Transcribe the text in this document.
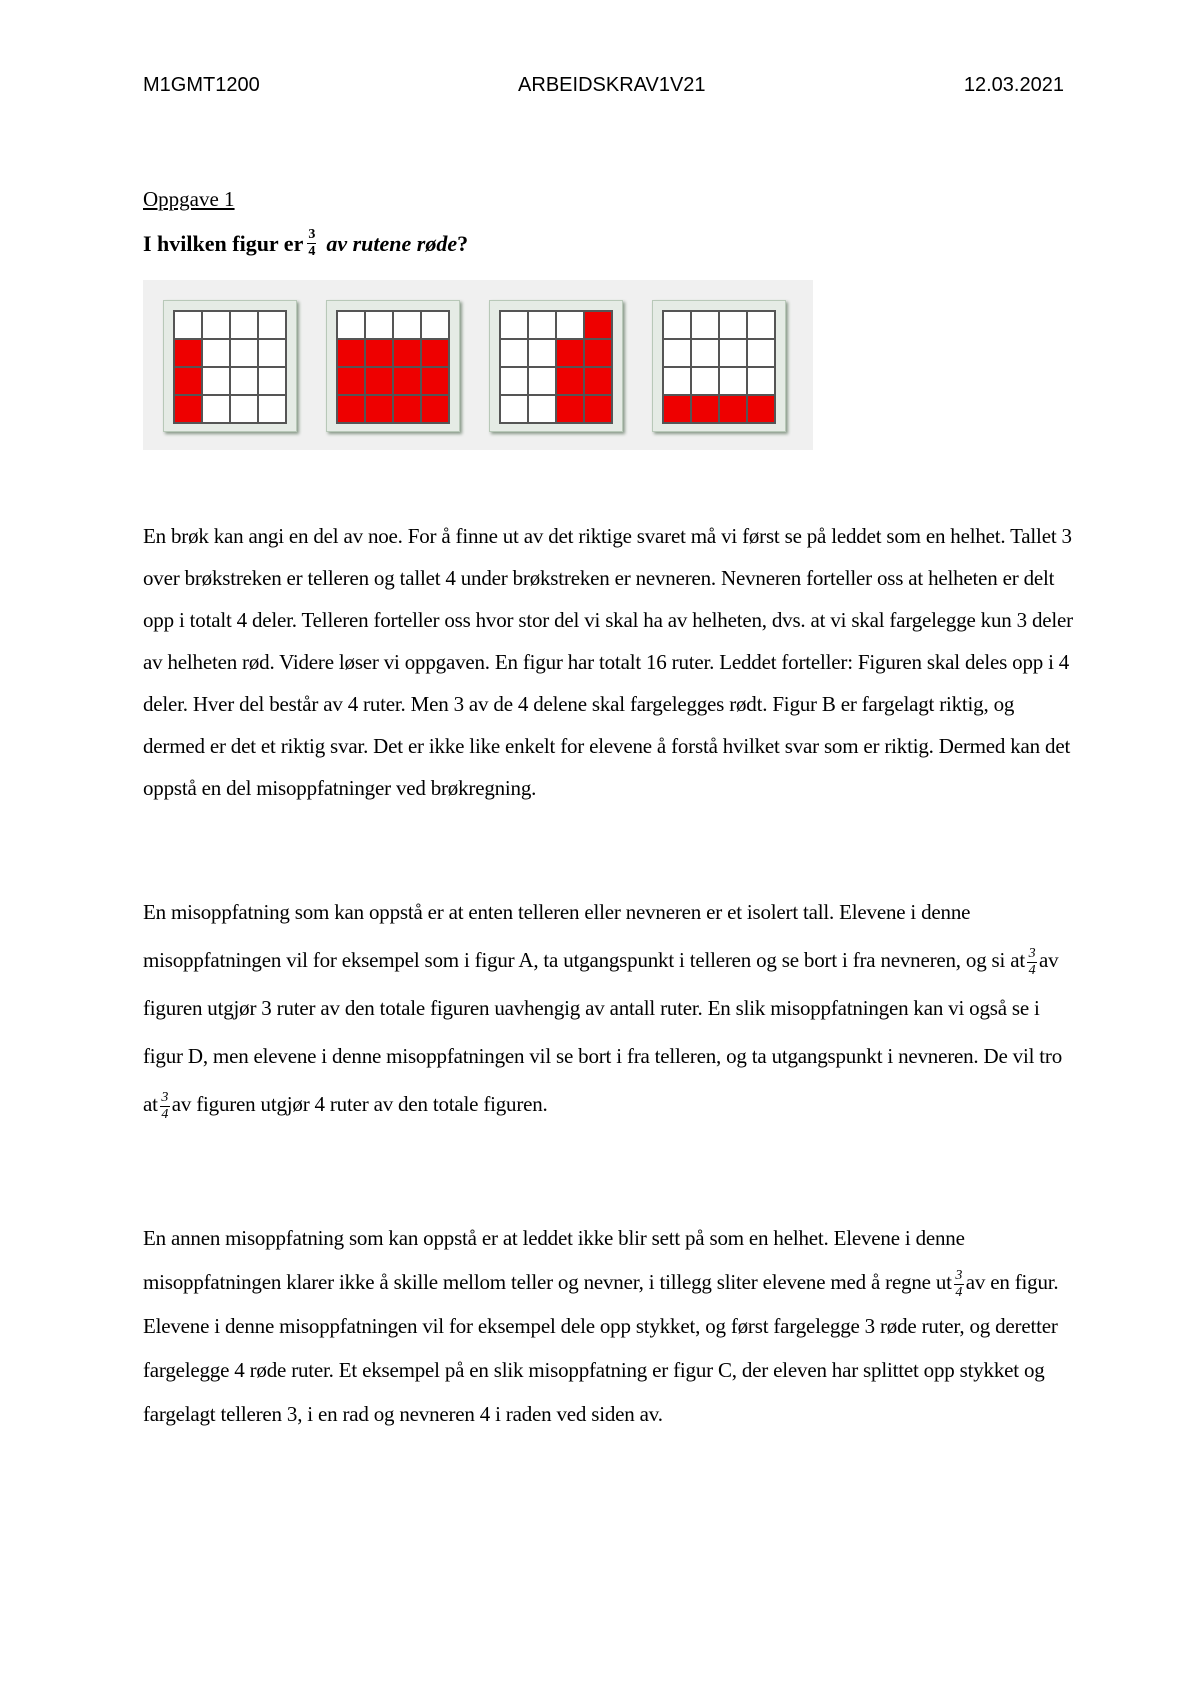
M1GMT1200	ARBEIDSKRAV1V21	12.03.2021
Oppgave 1
I hvilken figur er $\frac{3}{4}$ av rutene røde ?
En brøk kan angi en del av noe. For å finne ut av det riktige svaret må vi først se på leddet som en helhet. Tallet 3 over brøkstreken er telleren og tallet 4 under brøkstreken er nevneren. Nevneren forteller oss at helheten er delt opp i totalt 4 deler. Telleren forteller oss hvor stor del vi skal ha av helheten, dvs. at vi skal fargelegge kun 3 deler av helheten rød. Videre løser vi oppgaven. En figur har totalt 16 ruter. Leddet forteller: Figuren skal deles opp i 4 deler. Hver del består av 4 ruter. Men 3 av de 4 delene skal fargelegges rødt. Figur B er fargelagt riktig, og dermed er det et riktig svar. Det er ikke like enkelt for elevene å forstå hvilket svar som er riktig. Dermed kan det oppstå en del misoppfatninger ved brøkregning.
En misoppfatning som kan oppstå er at enten telleren eller nevneren er et isolert tall. Elevene i denne misoppfatningen vil for eksempel som i figur A, ta utgangspunkt i telleren og se bort i fra nevneren, og si at $\frac{3}{4}$ av figuren utgjør 3 ruter av den totale figuren uavhengig av antall ruter. En slik misoppfatningen kan vi også se i figur D, men elevene i denne misoppfatningen vil se bort i fra telleren, og ta utgangspunkt i nevneren. De vil tro at $\frac{3}{4}$ av figuren utgjør 4 ruter av den totale figuren.
En annen misoppfatning som kan oppstå er at leddet ikke blir sett på som en helhet. Elevene i denne misoppfatningen klarer ikke å skille mellom teller og nevner, i tillegg sliter elevene med å regne ut $\frac{3}{4}$ av en figur. Elevene i denne misoppfatningen vil for eksempel dele opp stykket, og først fargelegge 3 røde ruter, og deretter fargelegge 4 røde ruter. Et eksempel på en slik misoppfatning er figur C, der eleven har splittet opp stykket og fargelagt telleren 3, i en rad og nevneren 4 i raden ved siden av.
